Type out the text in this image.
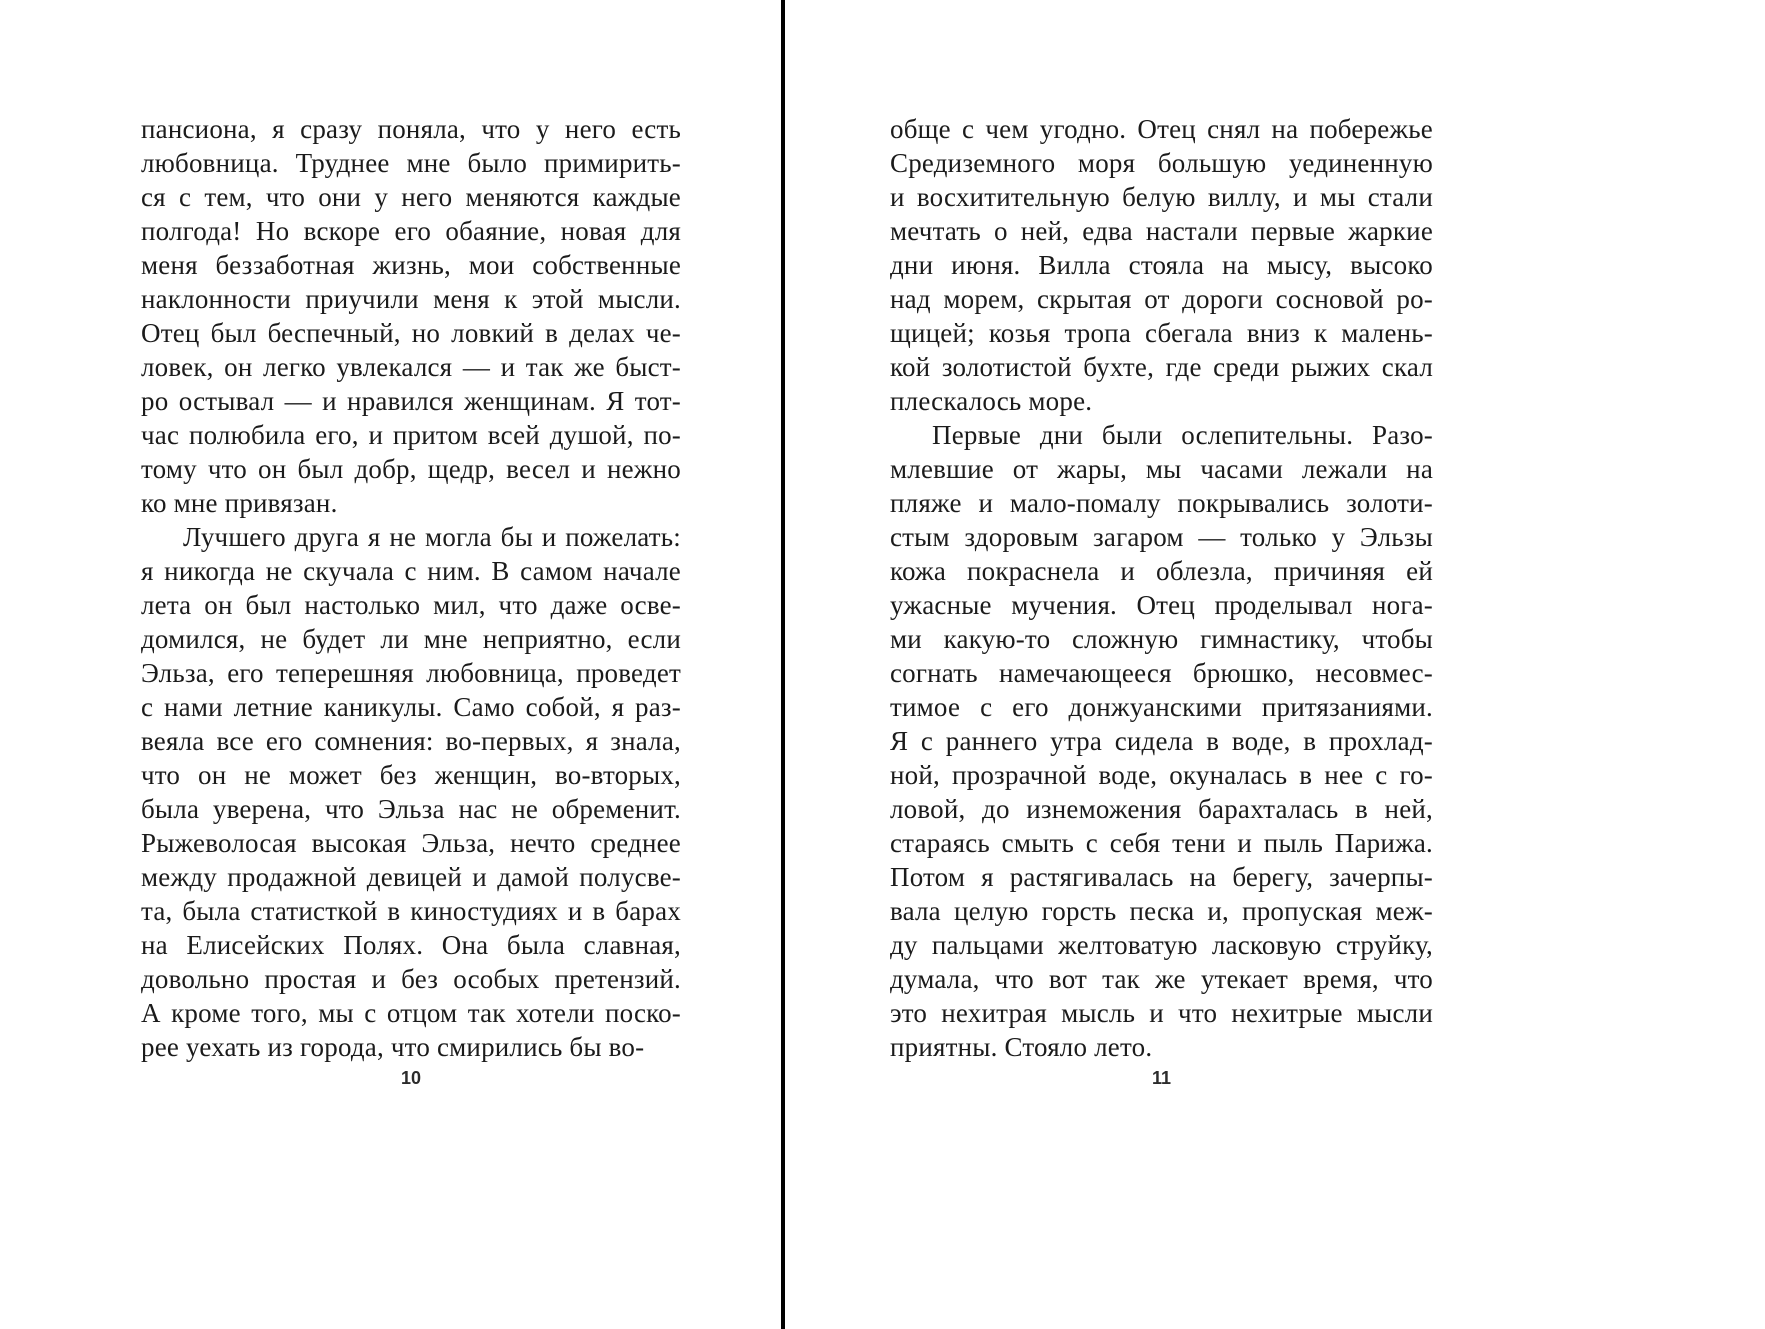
пансиона, я сразу поняла, что у него есть
любовница. Труднее мне было примирить-
ся с тем, что они у него меняются каждые
полгода! Но вскоре его обаяние, новая для
меня беззаботная жизнь, мои собственные
наклонности приучили меня к этой мысли.
Отец был беспечный, но ловкий в делах че-
ловек, он легко увлекался — и так же быст-
ро остывал — и нравился женщинам. Я тот-
час полюбила его, и притом всей душой, по-
тому что он был добр, щедр, весел и нежно
ко мне привязан.
Лучшего друга я не могла бы и пожелать:
я никогда не скучала с ним. В самом начале
лета он был настолько мил, что даже осве-
домился, не будет ли мне неприятно, если
Эльза, его теперешняя любовница, проведет
с нами летние каникулы. Само собой, я раз-
веяла все его сомнения: во-первых, я знала,
что он не может без женщин, во-вторых,
была уверена, что Эльза нас не обременит.
Рыжеволосая высокая Эльза, нечто среднее
между продажной девицей и дамой полусве-
та, была статисткой в киностудиях и в барах
на Елисейских Полях. Она была славная,
довольно простая и без особых претензий.
А кроме того, мы с отцом так хотели поско-
рее уехать из города, что смирились бы во-
обще с чем угодно. Отец снял на побережье
Средиземного моря большую уединенную
и восхитительную белую виллу, и мы стали
мечтать о ней, едва настали первые жаркие
дни июня. Вилла стояла на мысу, высоко
над морем, скрытая от дороги сосновой ро-
щицей; козья тропа сбегала вниз к малень-
кой золотистой бухте, где среди рыжих скал
плескалось море.
Первые дни были ослепительны. Разо-
млевшие от жары, мы часами лежали на
пляже и мало-помалу покрывались золоти-
стым здоровым загаром — только у Эльзы
кожа покраснела и облезла, причиняя ей
ужасные мучения. Отец проделывал нога-
ми какую-то сложную гимнастику, чтобы
согнать намечающееся брюшко, несовмес-
тимое с его донжуанскими притязаниями.
Я с раннего утра сидела в воде, в прохлад-
ной, прозрачной воде, окуналась в нее с го-
ловой, до изнеможения барахталась в ней,
стараясь смыть с себя тени и пыль Парижа.
Потом я растягивалась на берегу, зачерпы-
вала целую горсть песка и, пропуская меж-
ду пальцами желтоватую ласковую струйку,
думала, что вот так же утекает время, что
это нехитрая мысль и что нехитрые мысли
приятны. Стояло лето.
10	11
